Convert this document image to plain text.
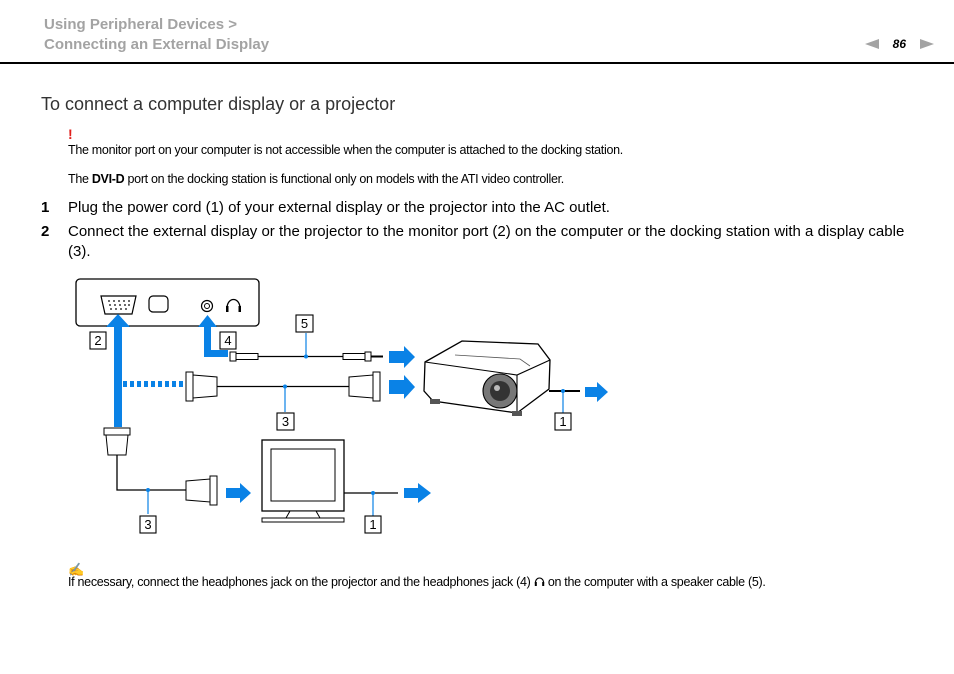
Using Peripheral Devices >
Connecting an External Display	86
To connect a computer display or a projector
!
The monitor port on your computer is not accessible when the computer is attached to the docking station.
The DVI-D port on the docking station is functional only on models with the ATI video controller.
1 Plug the power cord (1) of your external display or the projector into the AC outlet.
2 Connect the external display or the projector to the monitor port (2) on the computer or the docking station with a display cable (3).
2	4
5
3	1
3	1
✍
If necessary, connect the headphones jack on the projector and the headphones jack (4)  on the computer with a speaker cable (5).
